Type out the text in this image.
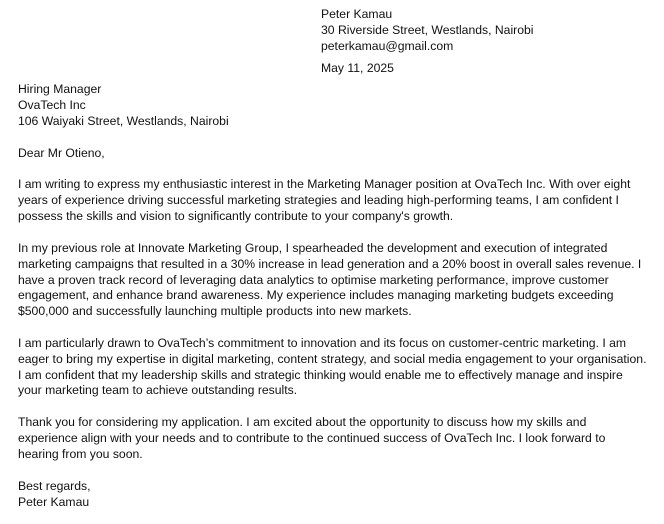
Peter Kamau
30 Riverside Street, Westlands, Nairobi
peterkamau@gmail.com
May 11, 2025
Hiring Manager
OvaTech Inc
106 Waiyaki Street, Westlands, Nairobi

Dear Mr Otieno,

I am writing to express my enthusiastic interest in the Marketing Manager position at OvaTech Inc. With over eight years of experience driving successful marketing strategies and leading high-performing teams, I am confident I possess the skills and vision to significantly contribute to your company's growth.

In my previous role at Innovate Marketing Group, I spearheaded the development and execution of integrated marketing campaigns that resulted in a 30% increase in lead generation and a 20% boost in overall sales revenue. I have a proven track record of leveraging data analytics to optimise marketing performance, improve customer engagement, and enhance brand awareness. My experience includes managing marketing budgets exceeding $500,000 and successfully launching multiple products into new markets.

I am particularly drawn to OvaTech’s commitment to innovation and its focus on customer-centric marketing. I am eager to bring my expertise in digital marketing, content strategy, and social media engagement to your organisation. I am confident that my leadership skills and strategic thinking would enable me to effectively manage and inspire your marketing team to achieve outstanding results.

Thank you for considering my application. I am excited about the opportunity to discuss how my skills and experience align with your needs and to contribute to the continued success of OvaTech Inc. I look forward to hearing from you soon.

Best regards,
Peter Kamau
